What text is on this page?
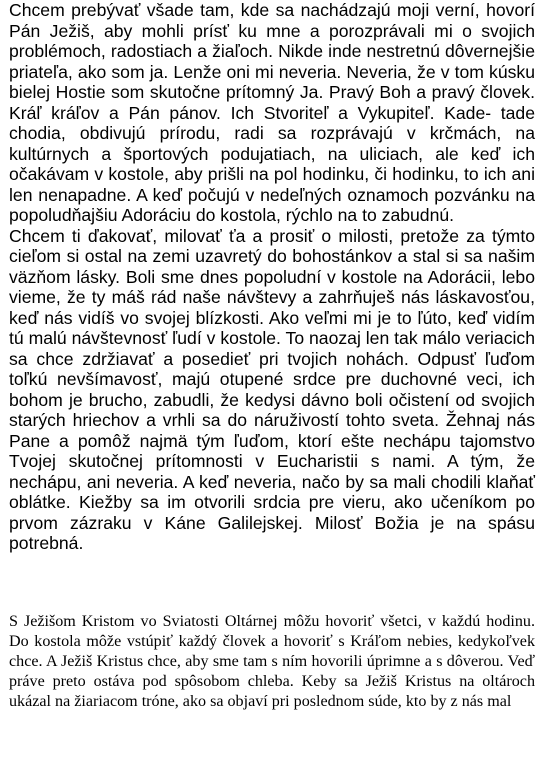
Chcem prebývať všade tam, kde sa nachádzajú moji verní, hovorí Pán Ježiš, aby mohli prísť ku mne a porozprávali mi o svojich problémoch, radostiach a žiaľoch. Nikde inde nestretnú dôvernejšie priateľa, ako som ja. Lenže oni mi neveria. Neveria, že v tom kúsku bielej Hostie som skutočne prítomný Ja. Pravý Boh a pravý človek. Kráľ kráľov a Pán pánov. Ich Stvoriteľ a Vykupiteľ. Kade- tade chodia, obdivujú prírodu, radi sa rozprávajú v krčmách, na kultúrnych a športových podujatiach, na uliciach, ale keď ich očakávam v kostole, aby prišli na pol hodinku, či hodinku, to ich ani len nenapadne. A keď počujú v nedeľných oznamoch pozvánku na popoludňajšiu Adoráciu do kostola, rýchlo na to zabudnú.

Chcem ti ďakovať, milovať ťa a prosiť o milosti, pretože za týmto cieľom si ostal na zemi uzavretý do bohostánkov a stal si sa našim väzňom lásky. Boli sme dnes popoludní v kostole na Adorácii, lebo vieme, že ty máš rád naše návštevy a zahrňuješ nás láskavosťou, keď nás vidíš vo svojej blízkosti. Ako veľmi mi je to ľúto, keď vidím tú malú návštevnosť ľudí v kostole. To naozaj len tak málo veriacich sa chce zdržiavať a posedieť pri tvojich nohách. Odpusť ľuďom toľkú nevšímavosť, majú otupené srdce pre duchovné veci, ich bohom je brucho, zabudli, že kedysi dávno boli očistení od svojich starých hriechov a vrhli sa do náruživostí tohto sveta. Žehnaj nás Pane a pomôž najmä tým ľuďom, ktorí ešte nechápu tajomstvo Tvojej skutočnej prítomnosti v Eucharistii s nami. A tým, že nechápu, ani neveria. A keď neveria, načo by sa mali chodili klaňať oblátke. Kiežby sa im otvorili srdcia pre vieru, ako učeníkom po prvom zázraku v Káne Galilejskej. Milosť Božia je na spásu potrebná.

S Ježišom Kristom vo Sviatosti Oltárnej môžu hovoriť všetci, v každú hodinu. Do kostola môže vstúpiť každý človek a hovoriť s Kráľom nebies, kedykoľvek chce. A Ježiš Kristus chce, aby sme tam s ním hovorili úprimne a s dôverou. Veď práve preto ostáva pod spôsobom chleba. Keby sa Ježiš Kristus na oltároch ukázal na žiariacom tróne, ako sa objaví pri poslednom súde, kto by z nás mal
